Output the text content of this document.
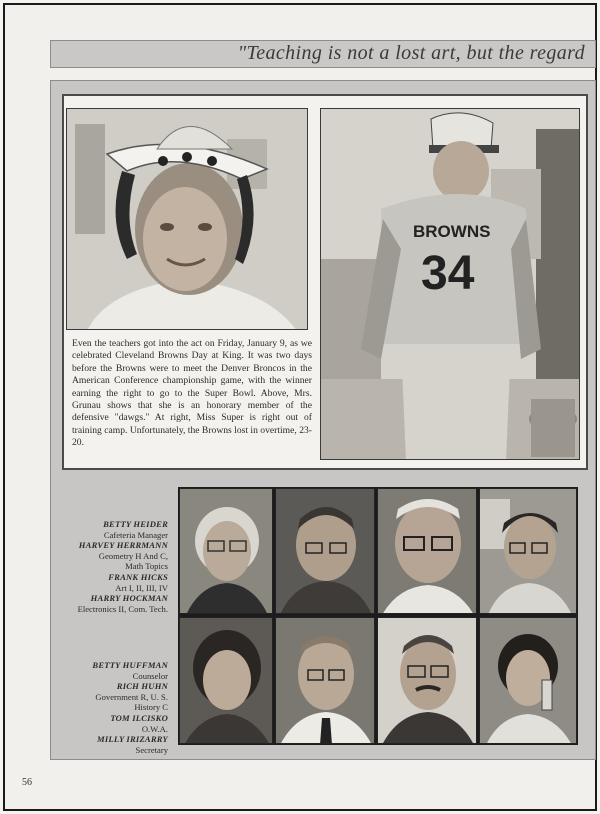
"Teaching is not a lost art, but the regard
BROWNS
34

Even the teachers got into the act on Friday, January 9, as we celebrated Cleveland Browns Day at King. It was two days before the Browns were to meet the Denver Broncos in the American Conference championship game, with the winner earning the right to go to the Super Bowl. Above, Mrs. Grunau shows that she is an honorary member of the defensive "dawgs." At right, Miss Super is right out of training camp. Unfortunately, the Browns lost in overtime, 23-20.

BETTY HEIDER
Cafeteria Manager
HARVEY HERRMANN
Geometry H And C, Math Topics
FRANK HICKS
Art I, II, III, IV
HARRY HOCKMAN
Electronics II, Com. Tech.
BETTY HUFFMAN
Counselor
RICH HUHN
Government R, U. S. History C
TOM ILCISKO
O.W.A.
MILLY IRIZARRY
Secretary
56
